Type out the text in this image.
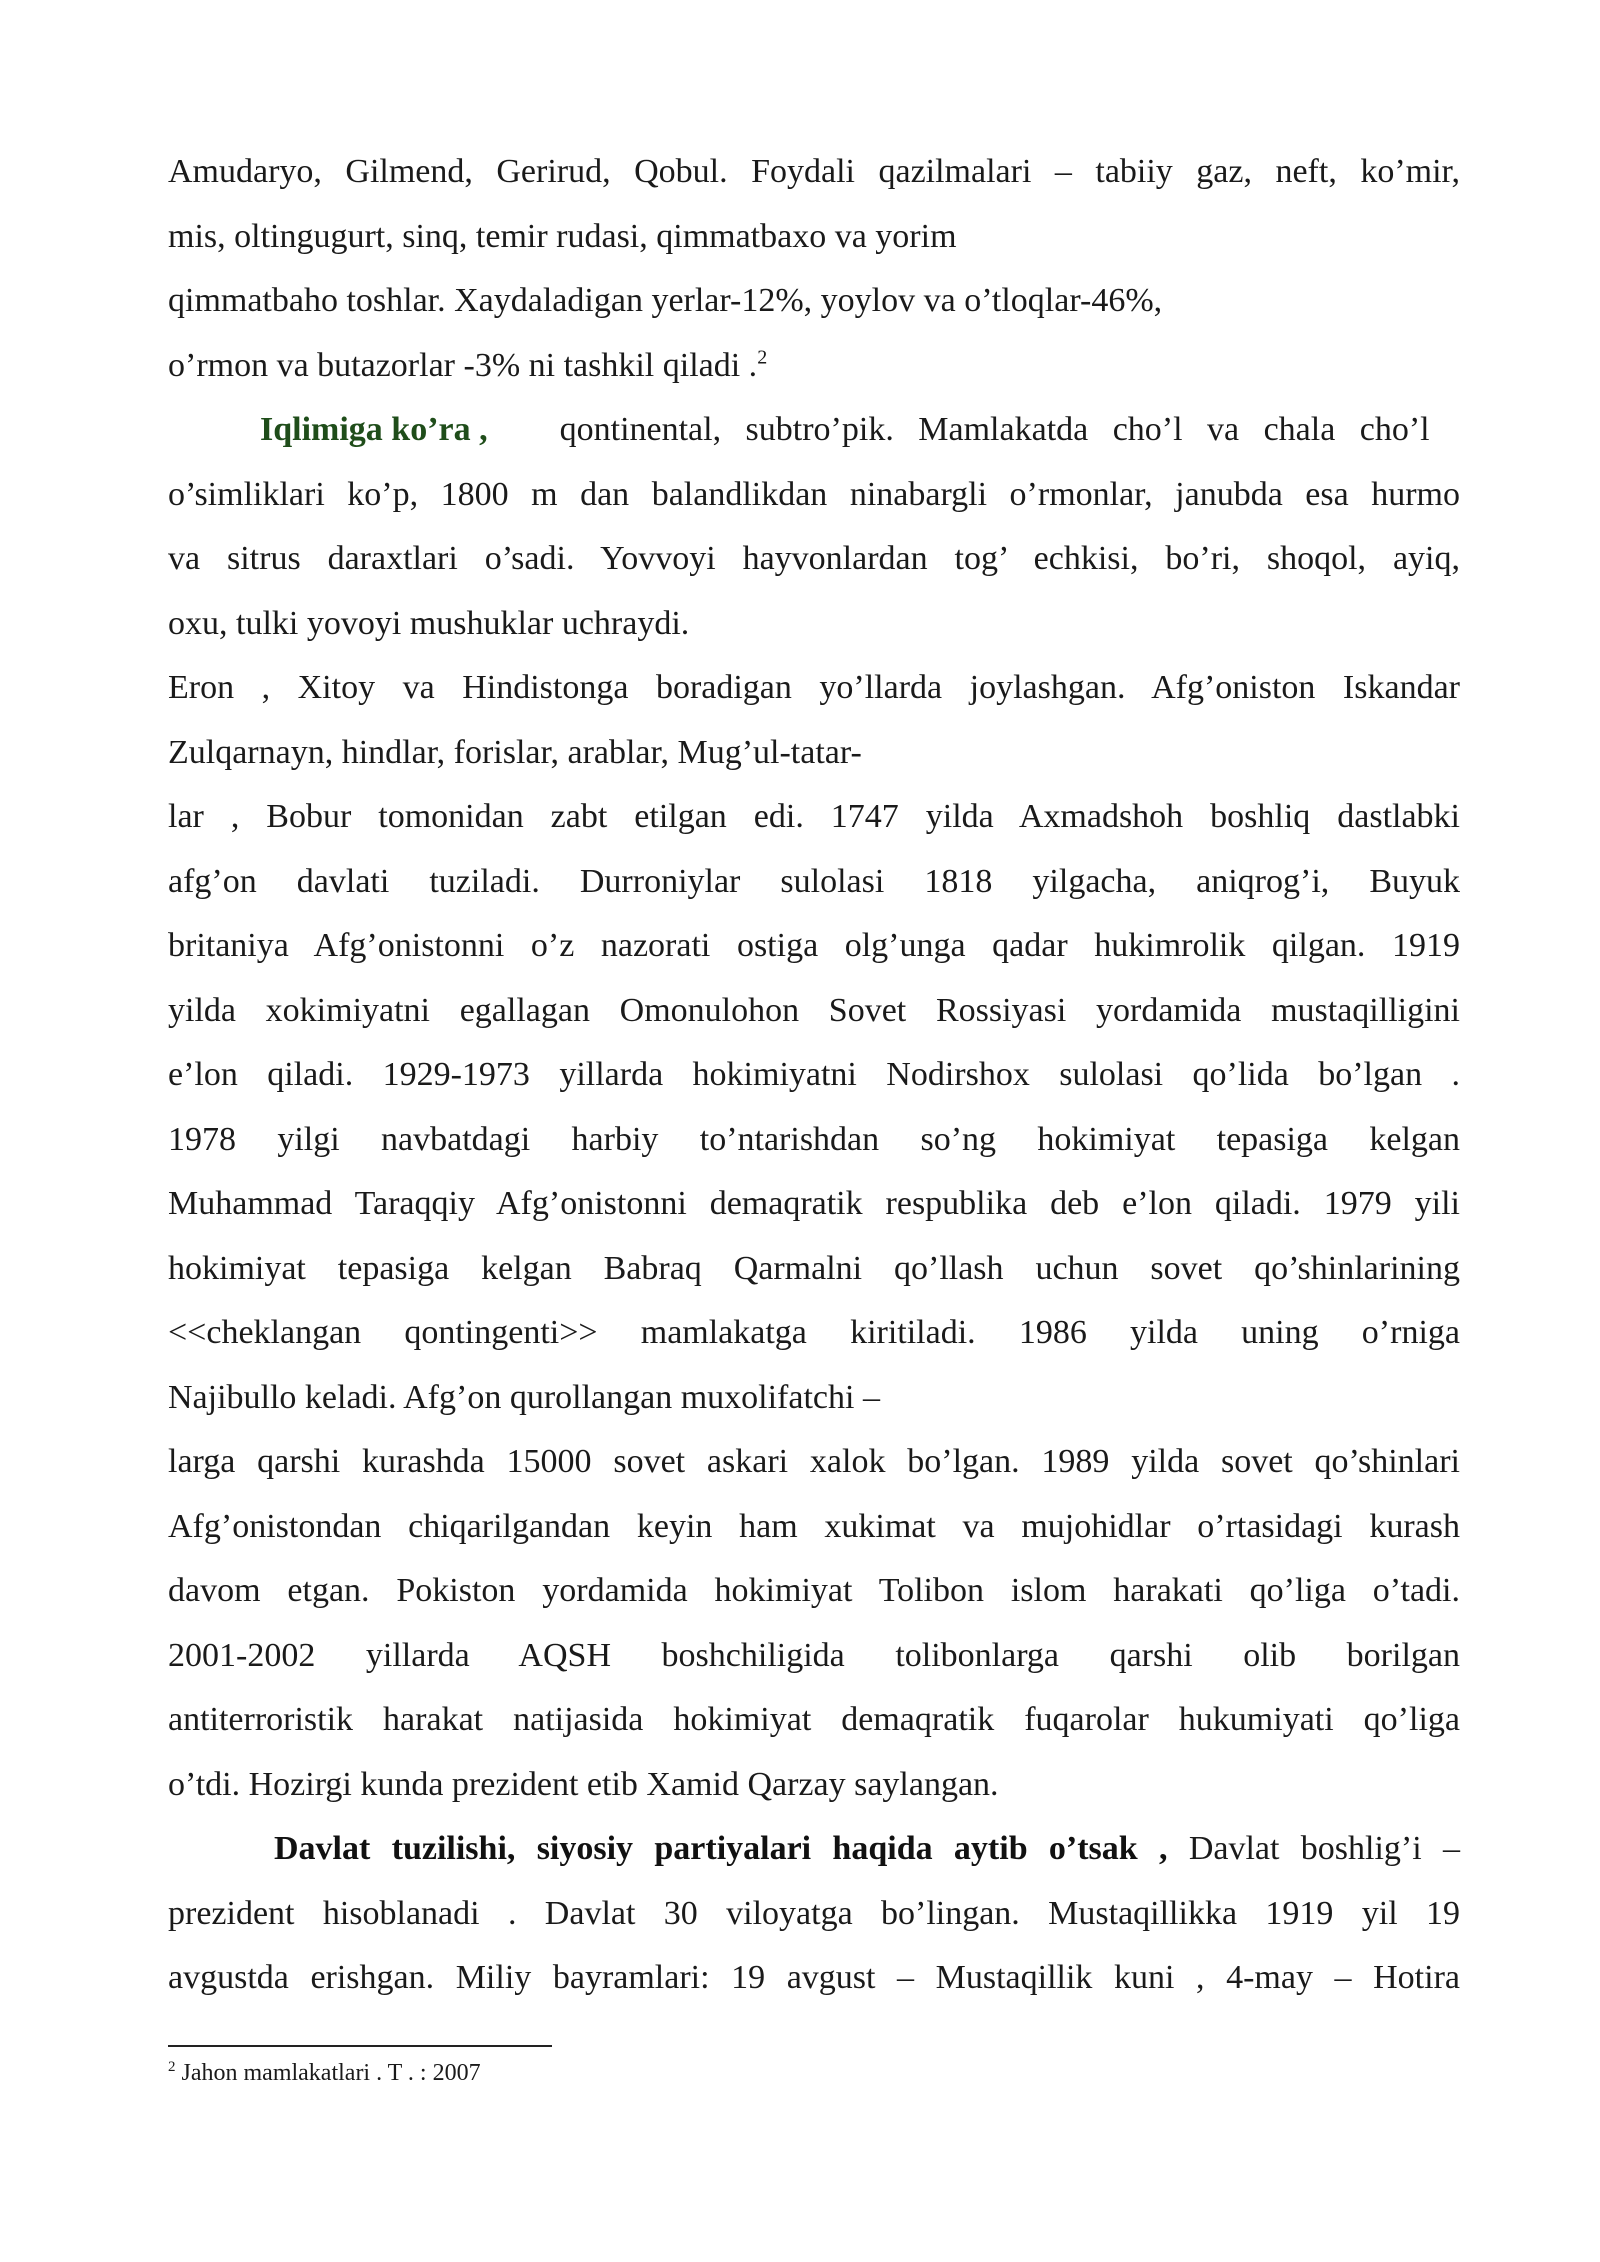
Amudaryo, Gilmend, Gerirud, Qobul. Foydali qazilmalari – tabiiy gaz, neft, ko’mir,

mis, oltingugurt, sinq, temir rudasi, qimmatbaxo va yorim

qimmatbaho toshlar. Xaydaladigan yerlar-12%, yoylov va o’tloqlar-46%,

o’rmon va butazorlar -3% ni tashkil qiladi .$^2$

Iqlimiga ko’ra , qontinental, subtro’pik. Mamlakatda cho’l va chala cho’l

o’simliklari ko’p, 1800 m dan balandlikdan ninabargli o’rmonlar, janubda esa hurmo

va sitrus daraxtlari o’sadi. Yovvoyi hayvonlardan tog’ echkisi, bo’ri, shoqol, ayiq,

oxu, tulki yovoyi mushuklar uchraydi.

Eron , Xitoy va Hindistonga boradigan yo’llarda joylashgan. Afg’oniston Iskandar

Zulqarnayn, hindlar, forislar, arablar, Mug’ul-tatar-

lar , Bobur tomonidan zabt etilgan edi. 1747 yilda Axmadshoh boshliq dastlabki

afg’on davlati tuziladi. Durroniylar sulolasi 1818 yilgacha, aniqrog’i, Buyuk

britaniya Afg’onistonni o’z nazorati ostiga olg’unga qadar hukimrolik qilgan. 1919

yilda xokimiyatni egallagan Omonulohon Sovet Rossiyasi yordamida mustaqilligini

e’lon qiladi. 1929-1973 yillarda hokimiyatni Nodirshox sulolasi qo’lida bo’lgan .

1978 yilgi navbatdagi harbiy to’ntarishdan so’ng hokimiyat tepasiga kelgan

Muhammad Taraqqiy Afg’onistonni demaqratik respublika deb e’lon qiladi. 1979 yili

hokimiyat tepasiga kelgan Babraq Qarmalni qo’llash uchun sovet qo’shinlarining

<<cheklangan qontingenti>> mamlakatga kiritiladi. 1986 yilda uning o’rniga

Najibullo keladi. Afg’on qurollangan muxolifatchi –

larga qarshi kurashda 15000 sovet askari xalok bo’lgan. 1989 yilda sovet qo’shinlari

Afg’onistondan chiqarilgandan keyin ham xukimat va mujohidlar o’rtasidagi kurash

davom etgan. Pokiston yordamida hokimiyat Tolibon islom harakati qo’liga o’tadi.

2001-2002 yillarda AQSH boshchiligida tolibonlarga qarshi olib borilgan

antiterroristik harakat natijasida hokimiyat demaqratik fuqarolar hukumiyati qo’liga

o’tdi. Hozirgi kunda prezident etib Xamid Qarzay saylangan.

Davlat tuzilishi, siyosiy partiyalari haqida aytib o’tsak , Davlat boshlig’i –

prezident hisoblanadi . Davlat 30 viloyatga bo’lingan. Mustaqillikka 1919 yil 19

avgustda erishgan. Miliy bayramlari: 19 avgust – Mustaqillik kuni , 4-may – Hotira

$^2$ Jahon mamlakatlari . T . : 2007
